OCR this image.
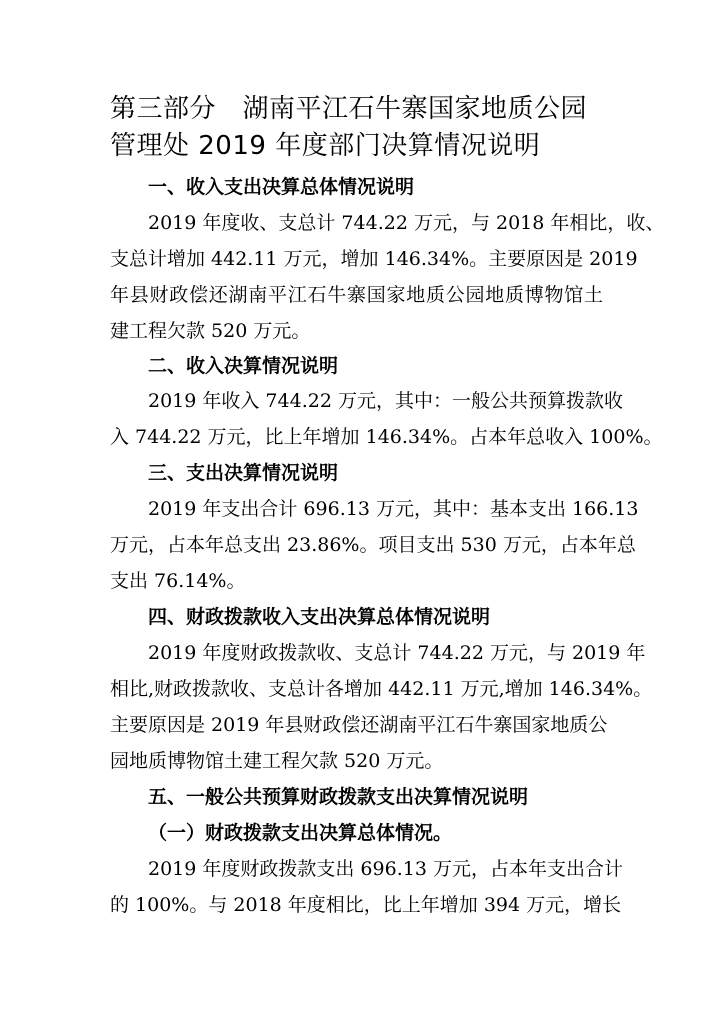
第三部分　湖南平江石牛寨国家地质公园
管理处 2019 年度部门决算情况说明
一、收入支出决算总体情况说明
2019 年度收、支总计 744.22 万元，与 2018 年相比，收、
支总计增加 442.11 万元，增加 146.34%。主要原因是 2019
年县财政偿还湖南平江石牛寨国家地质公园地质博物馆土
建工程欠款 520 万元。
二、收入决算情况说明
2019 年收入 744.22 万元，其中：一般公共预算拨款收
入 744.22 万元，比上年增加 146.34%。占本年总收入 100%。
三、支出决算情况说明
2019 年支出合计 696.13 万元，其中：基本支出 166.13
万元，占本年总支出 23.86%。项目支出 530 万元，占本年总
支出 76.14%。
四、财政拨款收入支出决算总体情况说明
2019 年度财政拨款收、支总计 744.22 万元，与 2019 年
相比,财政拨款收、支总计各增加 442.11 万元,增加 146.34%。
主要原因是 2019 年县财政偿还湖南平江石牛寨国家地质公
园地质博物馆土建工程欠款 520 万元。
五、一般公共预算财政拨款支出决算情况说明
（一）财政拨款支出决算总体情况。
2019 年度财政拨款支出 696.13 万元，占本年支出合计
的 100%。与 2018 年度相比，比上年增加 394 万元，增长
